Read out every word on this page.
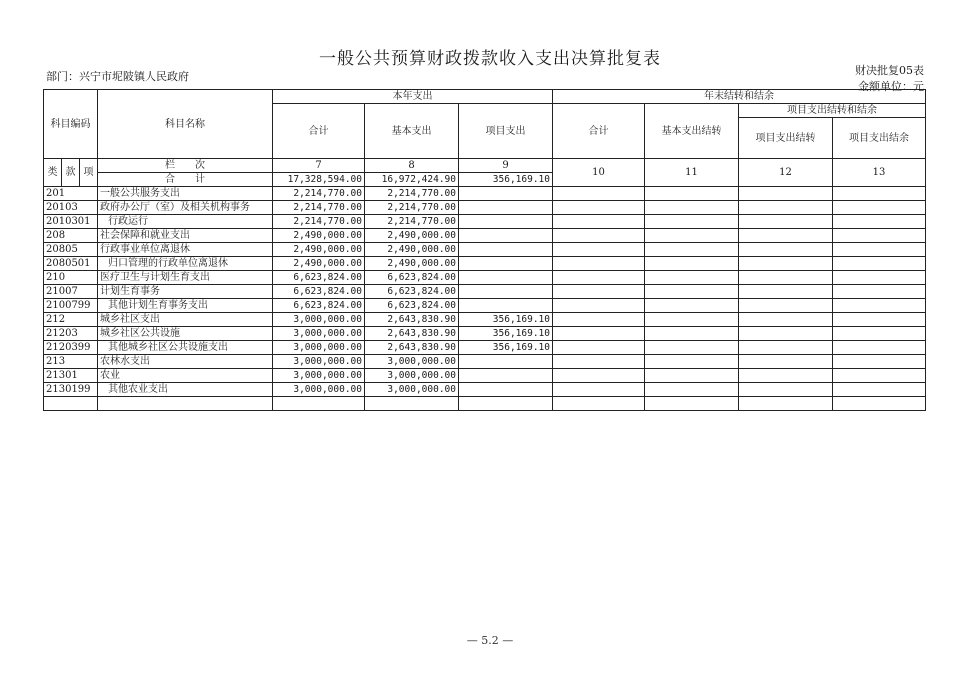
一般公共预算财政拨款收入支出决算批复表
部门：兴宁市坭陂镇人民政府	财决批复05表
金额单位：元
科目编码			科目名称	本年支出			年末结转和结余			
				合计	基本支出	项目支出	合计	基本支出结转	项目支出结转和结余	
									项目支出结转	项目支出结余
类	款	项	栏　　次	7	8	9	10	11	12	13
			合　　计	17,328,594.00	16,972,424.90	356,169.10				
201			一般公共服务支出	2,214,770.00	2,214,770.00					
20103			政府办公厅（室）及相关机构事务	2,214,770.00	2,214,770.00					
2010301			行政运行	2,214,770.00	2,214,770.00					
208			社会保障和就业支出	2,490,000.00	2,490,000.00					
20805			行政事业单位离退休	2,490,000.00	2,490,000.00					
2080501			归口管理的行政单位离退休	2,490,000.00	2,490,000.00					
210			医疗卫生与计划生育支出	6,623,824.00	6,623,824.00					
21007			计划生育事务	6,623,824.00	6,623,824.00					
2100799			其他计划生育事务支出	6,623,824.00	6,623,824.00					
212			城乡社区支出	3,000,000.00	2,643,830.90	356,169.10				
21203			城乡社区公共设施	3,000,000.00	2,643,830.90	356,169.10				
2120399			其他城乡社区公共设施支出	3,000,000.00	2,643,830.90	356,169.10				
213			农林水支出	3,000,000.00	3,000,000.00					
21301			农业	3,000,000.00	3,000,000.00					
2130199			其他农业支出	3,000,000.00	3,000,000.00					

— 5.2 —
